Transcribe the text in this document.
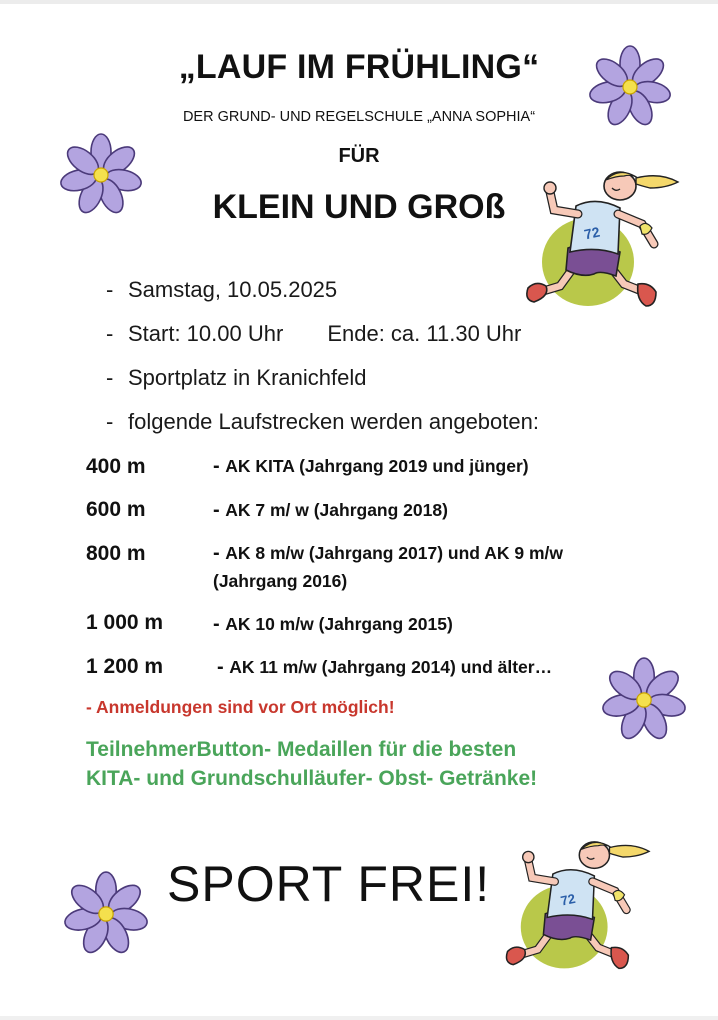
„LAUF IM FRÜHLING“
DER GRUND- UND REGELSCHULE „ANNA SOPHIA“
FÜR
KLEIN UND GROß
- Samstag, 10.05.2025
- Start: 10.00 Uhr Ende: ca. 11.30 Uhr
- Sportplatz in Kranichfeld
- folgende Laufstrecken werden angeboten:
400 m	- AK KITA (Jahrgang 2019 und jünger)
600 m	- AK 7 m/ w (Jahrgang 2018)
800 m	- AK 8 m/w (Jahrgang 2017) und AK 9 m/w
(Jahrgang 2016)
1 000 m - AK 10 m/w (Jahrgang 2015)
1 200 m	- AK 11 m/w (Jahrgang 2014) und älter…
- Anmeldungen sind vor Ort möglich!
TeilnehmerButton- Medaillen für die besten
KITA- und Grundschulläufer- Obst- Getränke!
SPORT FREI!
72
72
